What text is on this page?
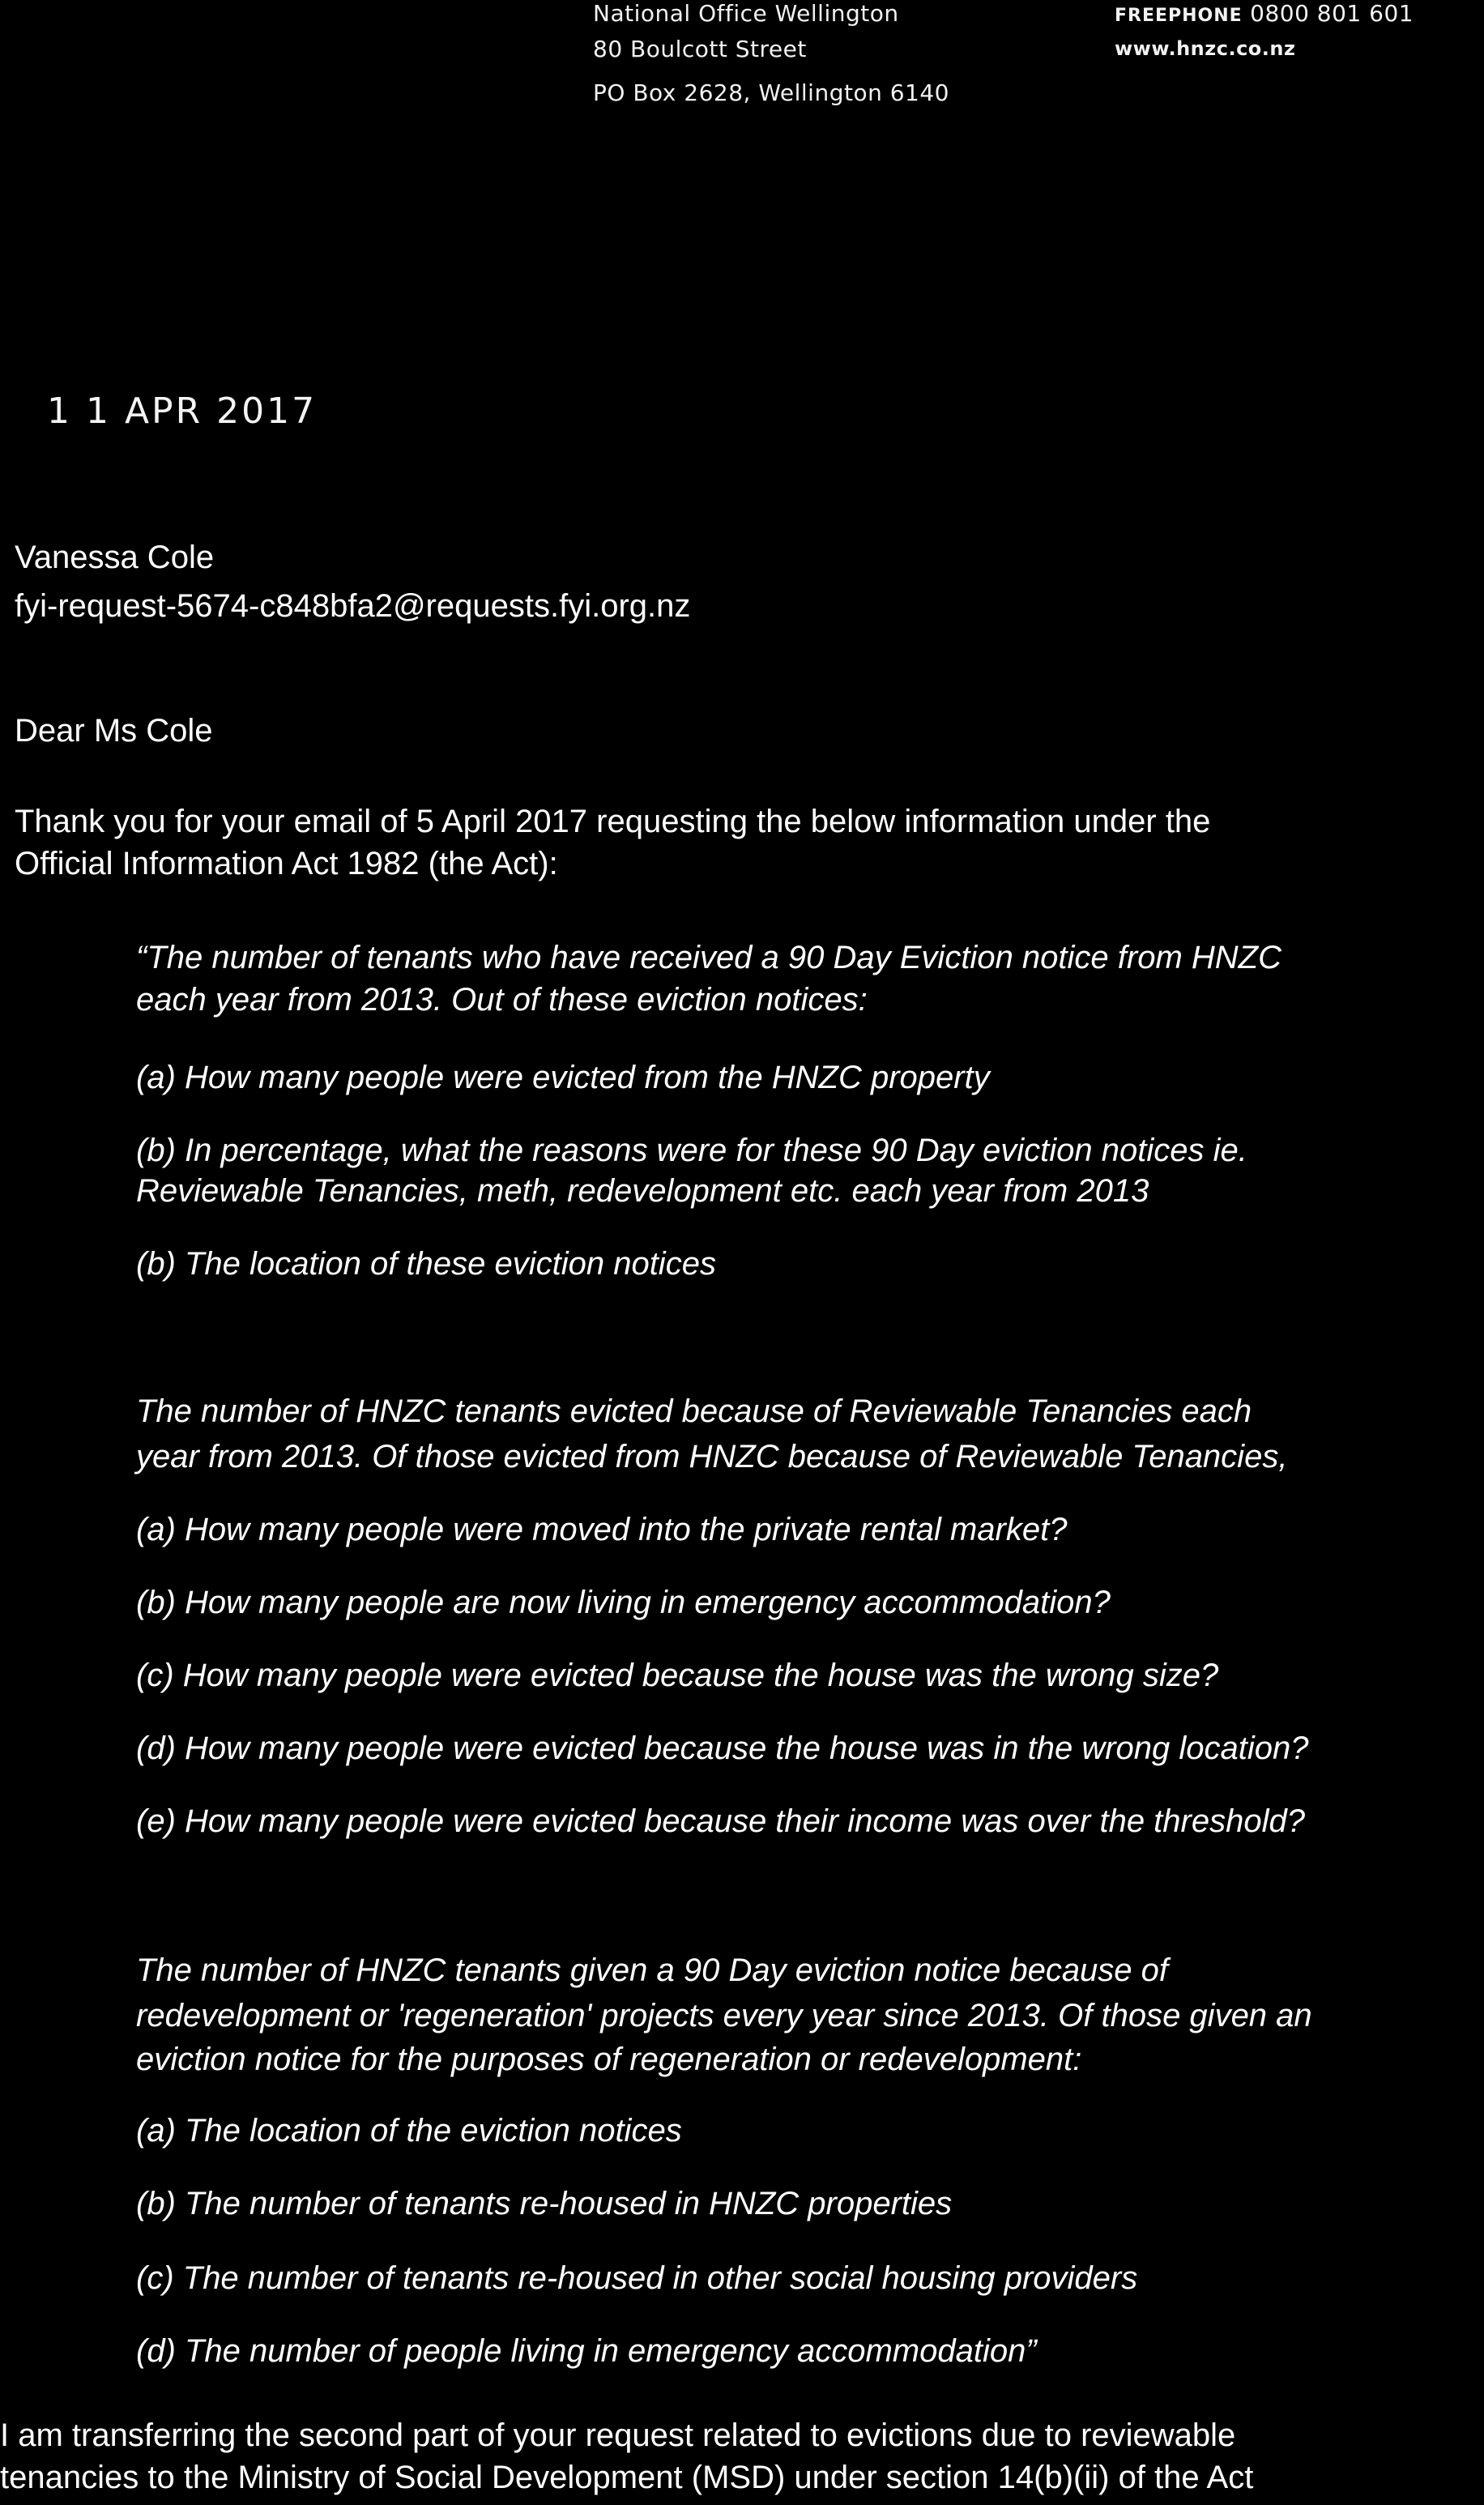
National Office Wellington
80 Boulcott Street
PO Box 2628, Wellington 6140
FREEPHONE 0800 801 601
www.hnzc.co.nz
1 1 APR 2017
Vanessa Cole
fyi-request-5674-c848bfa2@requests.fyi.org.nz
Dear Ms Cole
Thank you for your email of 5 April 2017 requesting the below information under the
Official Information Act 1982 (the Act):
“The number of tenants who have received a 90 Day Eviction notice from HNZC
each year from 2013. Out of these eviction notices:
(a) How many people were evicted from the HNZC property
(b) In percentage, what the reasons were for these 90 Day eviction notices ie.
Reviewable Tenancies, meth, redevelopment etc. each year from 2013
(b) The location of these eviction notices
The number of HNZC tenants evicted because of Reviewable Tenancies each
year from 2013. Of those evicted from HNZC because of Reviewable Tenancies,
(a) How many people were moved into the private rental market?
(b) How many people are now living in emergency accommodation?
(c) How many people were evicted because the house was the wrong size?
(d) How many people were evicted because the house was in the wrong location?
(e) How many people were evicted because their income was over the threshold?
The number of HNZC tenants given a 90 Day eviction notice because of
redevelopment or 'regeneration' projects every year since 2013. Of those given an
eviction notice for the purposes of regeneration or redevelopment:
(a) The location of the eviction notices
(b) The number of tenants re-housed in HNZC properties
(c) The number of tenants re-housed in other social housing providers
(d) The number of people living in emergency accommodation”
I am transferring the second part of your request related to evictions due to reviewable
tenancies to the Ministry of Social Development (MSD) under section 14(b)(ii) of the Act
